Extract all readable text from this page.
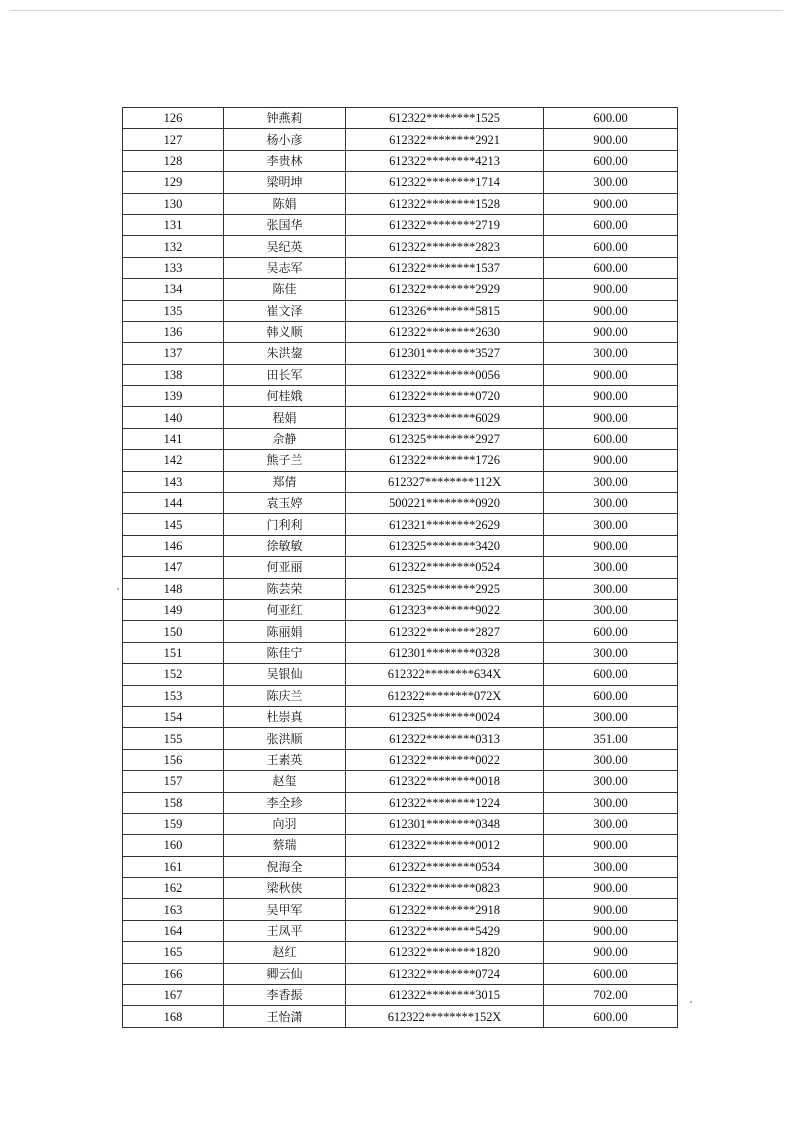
126	钟燕莉	612322********1525	600.00
127	杨小彦	612322********2921	900.00
128	李贵林	612322********4213	600.00
129	梁明坤	612322********1714	300.00
130	陈娟	612322********1528	900.00
131	张国华	612322********2719	600.00
132	吴纪英	612322********2823	600.00
133	吴志军	612322********1537	600.00
134	陈佳	612322********2929	900.00
135	崔文泽	612326********5815	900.00
136	韩义顺	612322********2630	900.00
137	朱洪鋆	612301********3527	300.00
138	田长军	612322********0056	900.00
139	何桂娥	612322********0720	900.00
140	程娟	612323********6029	900.00
141	佘静	612325********2927	600.00
142	熊子兰	612322********1726	900.00
143	郑倩	612327********112X	300.00
144	袁玉婷	500221********0920	300.00
145	门利利	612321********2629	300.00
146	徐敏敏	612325********3420	900.00
147	何亚丽	612322********0524	300.00
148	陈芸荣	612325********2925	300.00
149	何亚红	612323********9022	300.00
150	陈丽娟	612322********2827	600.00
151	陈佳宁	612301********0328	300.00
152	吴银仙	612322********634X	600.00
153	陈庆兰	612322********072X	600.00
154	杜崇真	612325********0024	300.00
155	张洪顺	612322********0313	351.00
156	王素英	612322********0022	300.00
157	赵玺	612322********0018	300.00
158	李全珍	612322********1224	300.00
159	向羽	612301********0348	300.00
160	蔡瑞	612322********0012	900.00
161	倪海全	612322********0534	300.00
162	梁秋侠	612322********0823	900.00
163	吴甲军	612322********2918	900.00
164	王凤平	612322********5429	900.00
165	赵红	612322********1820	900.00
166	卿云仙	612322********0724	600.00
167	李香振	612322********3015	702.00
168	王怡潇	612322********152X	600.00
